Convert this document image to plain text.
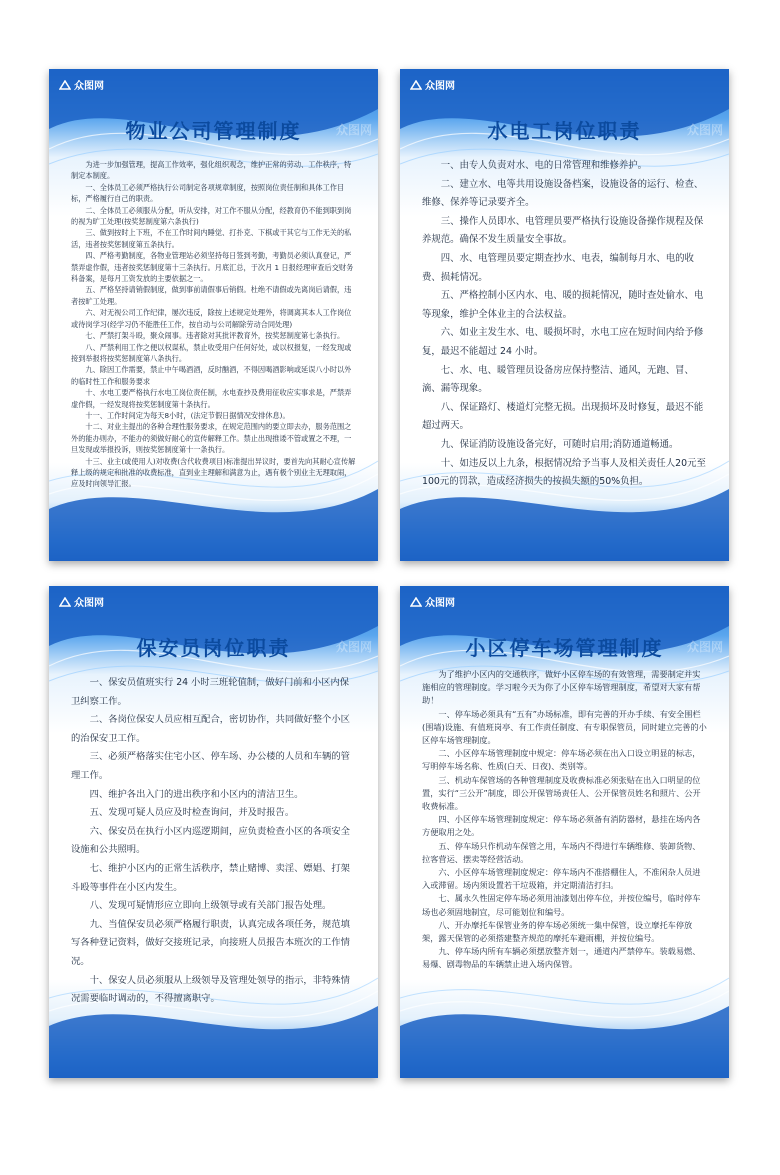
众图网
物业公司管理制度

为进一步加强管理，提高工作效率，强化组织观念，维护正常的劳动、工作秩序，特制定本制度。

一、全体员工必须严格执行公司制定各项规章制度，按照岗位责任制和具体工作目标，严格履行自己的职责。

二、全体员工必须服从分配，听从安排，对工作不服从分配，经教育仍不能到职到岗的视为旷工处理(按奖惩制度第六条执行)

三、做到按时上下班，不在工作时间内睡觉、打扑克、下棋或干其它与工作无关的私活，违者按奖惩制度第五条执行。

四、严格考勤制度，各物业管理站必须坚持每日签到考勤，考勤员必须认真登记，严禁弄虚作假，违者按奖惩制度第十三条执行。月底汇总，于次月 1 日报经理审查后交财务科备案，是每月工资发放的主要依据之一。

五、严格坚持请销假制度，做到事前请假事后销假。杜绝不请假或先离岗后请假，违者按旷工处理。

六、对无视公司工作纪律，屡次违反，除按上述规定处理外，将调离其本人工作岗位或待岗学习(经学习仍不能胜任工作，按自动与公司解除劳动合同处理)

七、严禁打架斗殴，聚众闹事。违者除对其批评教育外，按奖惩制度第七条执行。

八、严禁利用工作之便以权谋私，禁止收受用户任何好处，或以权报复，一经发现或接到举报将按奖惩制度第八条执行。

九、除因工作需要，禁止中午喝酒酒，反时酗酒，不得因喝酒影响或延误八小时以外的临时性工作和服务要求

十、水电工要严格执行水电工岗位责任制，水电查抄及费用征收应实事求是，严禁弄虚作假，一经发现将按奖惩制度第十条执行。

十一、工作时间定为每天8小时，(法定节假日据情况安排休息)。

十二、对业主提出的各种合理性服务要求，在规定范围内的要立即去办，服务范围之外的能办则办，不能办的须做好耐心的宣传解释工作。禁止出现推诿不管或置之不理，一旦发现或举报投诉，则按奖惩制度第十一条执行。

十三、业主(或使用人)对收费(含代收费项目)标准提出异议时，要首先向其耐心宣传解释上级的规定和批准的收费标准，直到业主理解和满意为止，遇有极个别业主无理取闹，应及时向领导汇报。

众图网
众图网
水电工岗位职责

一、由专人负责对水、电的日常管理和维修养护。

二、建立水、电等共用设施设备档案，设施设备的运行、检查、维修、保养等记录要齐全。

三、操作人员即水、电管理员要严格执行设施设备操作规程及保养规范。确保不发生质量安全事故。

四、水、电管理员要定期查抄水、电表，编制每月水、电的收费、损耗情况。

五、严格控制小区内水、电、暖的损耗情况，随时查处偷水、电等现象，维护全体业主的合法权益。

六、如业主发生水、电、暖损坏时，水电工应在短时间内给予修复，最迟不能超过 24 小时。

七、水、电、暖管理员设备房应保持整洁、通风，无跑、冒、滴、漏等现象。

八、保证路灯、楼道灯完整无损。出现损坏及时修复，最迟不能超过两天。

九、保证消防设施设备完好，可随时启用;消防通道畅通。

十、如违反以上九条，根据情况给予当事人及相关责任人20元至100元的罚款，造成经济损失的按损失额的50%负担。

众图网
众图网
保安员岗位职责

一、保安员值班实行 24 小时三班轮值制，做好门前和小区内保卫纠察工作。

二、各岗位保安人员应相互配合，密切协作，共同做好整个小区的治保安卫工作。

三、必须严格落实住宅小区、停车场、办公楼的人员和车辆的管理工作。

四、维护各出入门的进出秩序和小区内的清洁卫生。

五、发现可疑人员应及时检查询问，并及时报告。

六、保安员在执行小区内巡逻期间，应负责检查小区的各项安全设施和公共照明。

七、维护小区内的正常生活秩序，禁止赌博、卖淫、嫖娼、打架斗殴等事件在小区内发生。

八、发现可疑情形应立即向上级领导或有关部门报告处理。

九、当值保安员必须严格履行职责，认真完成各项任务，规范填写各种登记资料，做好交接班记录，向接班人员报告本班次的工作情况。

十、保安人员必须服从上级领导及管理处领导的指示，非特殊情况需要临时调动的，不得擅离职守。

众图网
众图网
小区停车场管理制度

为了维护小区内的交通秩序，做好小区停车场的有效管理，需要制定并实施相应的管理制度。学习啦今天为你了小区停车场管理制度，希望对大家有帮助！

一、停车场必须具有“五有”办场标准，即有完善的开办手续、有安全围栏(围墙)设施、有值班岗亭、有工作责任制度、有专职保管员，同时建立完善的小区停车场管理制度。

二、小区停车场管理制度中规定：停车场必须在出入口设立明显的标志，写明停车场名称、性质(白天、日夜)、类别等。

三、机动车保管场的各种管理制度及收费标准必须张贴在出入口明显的位置，实行“三公开”制度，即公开保管场责任人、公开保管员姓名和照片、公开收费标准。

四、小区停车场管理制度规定：停车场必须备有消防器材，悬挂在场内各方便取用之处。

五、停车场只作机动车保管之用，车场内不得进行车辆维修、装卸货物、拉客营运、摆卖等经营活动。

六、小区停车场管理制度规定：停车场内不准搭棚住人，不准闲杂人员进入或滞留。场内须设置若干垃圾箱，并定期清洁打扫。

七、属永久性固定停车场必须用油漆划出停车位，并按位编号，临时停车场也必须固地制宜，尽可能划位和编号。

八、开办摩托车保管业务的停车场必须统一集中保管，设立摩托车停放架，露天保管的必须搭建整齐规范的摩托车避雨棚，并按位编号。

九、停车场内所有车辆必须摆放整齐划一，通道内严禁停车。装载易燃、易爆、剧毒物品的车辆禁止进入场内保管。

众图网
